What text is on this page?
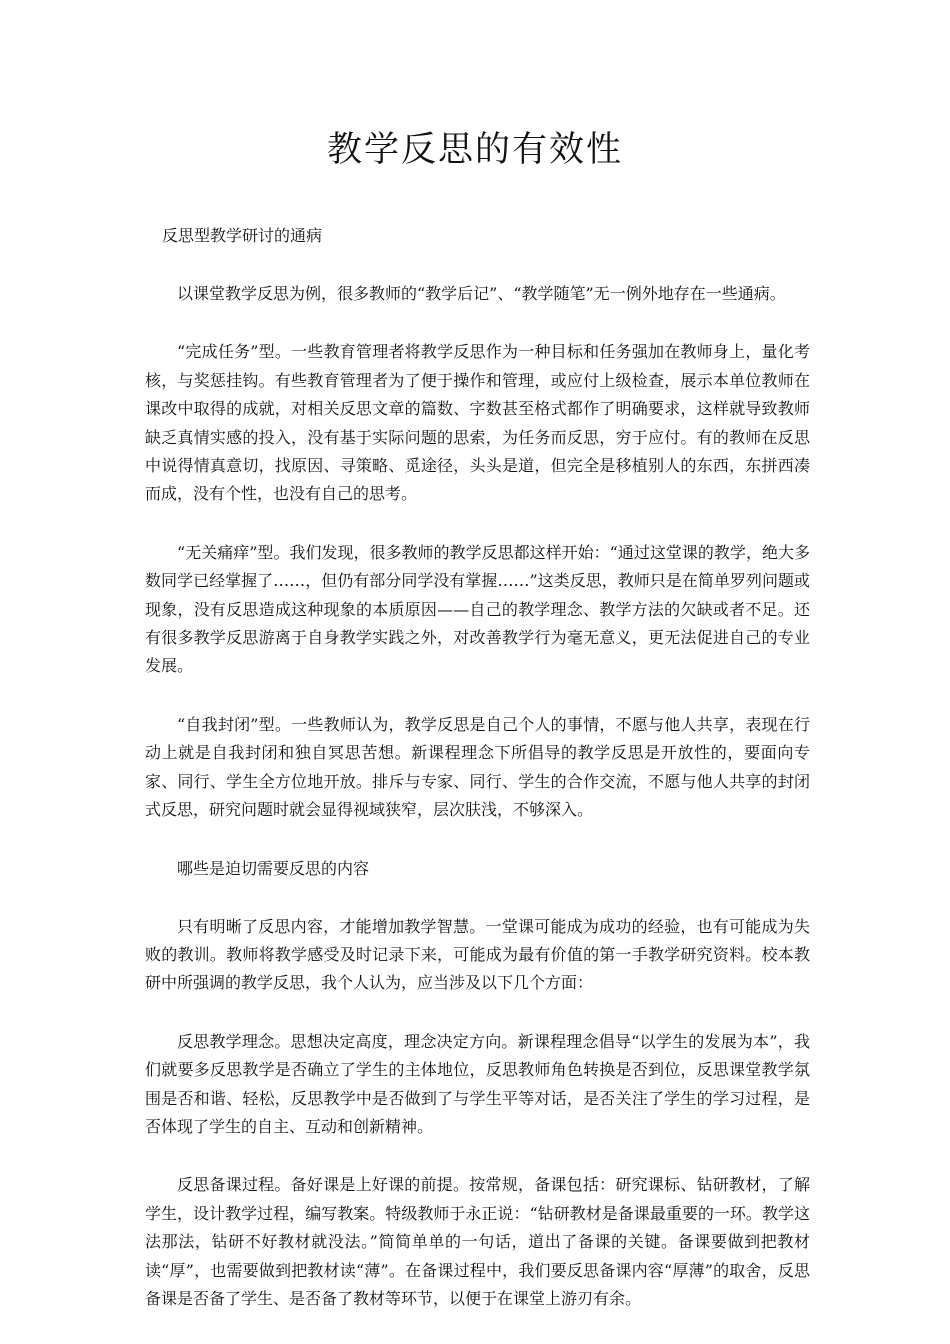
教学反思的有效性

反思型教学研讨的通病

以课堂教学反思为例，很多教师的“教学后记”、“教学随笔”无一例外地存在一些通病。

“完成任务”型。一些教育管理者将教学反思作为一种目标和任务强加在教师身上，量化考核，与奖惩挂钩。有些教育管理者为了便于操作和管理，或应付上级检查，展示本单位教师在课改中取得的成就，对相关反思文章的篇数、字数甚至格式都作了明确要求，这样就导致教师缺乏真情实感的投入，没有基于实际问题的思索，为任务而反思，穷于应付。有的教师在反思中说得情真意切，找原因、寻策略、觅途径，头头是道，但完全是移植别人的东西，东拼西凑而成，没有个性，也没有自己的思考。

“无关痛痒”型。我们发现，很多教师的教学反思都这样开始：“通过这堂课的教学，绝大多数同学已经掌握了……，但仍有部分同学没有掌握……”这类反思，教师只是在简单罗列问题或现象，没有反思造成这种现象的本质原因——自己的教学理念、教学方法的欠缺或者不足。还有很多教学反思游离于自身教学实践之外，对改善教学行为毫无意义，更无法促进自己的专业发展。

“自我封闭”型。一些教师认为，教学反思是自己个人的事情，不愿与他人共享，表现在行动上就是自我封闭和独自冥思苦想。新课程理念下所倡导的教学反思是开放性的，要面向专家、同行、学生全方位地开放。排斥与专家、同行、学生的合作交流，不愿与他人共享的封闭式反思，研究问题时就会显得视域狭窄，层次肤浅，不够深入。

哪些是迫切需要反思的内容

只有明晰了反思内容，才能增加教学智慧。一堂课可能成为成功的经验，也有可能成为失败的教训。教师将教学感受及时记录下来，可能成为最有价值的第一手教学研究资料。校本教研中所强调的教学反思，我个人认为，应当涉及以下几个方面：

反思教学理念。思想决定高度，理念决定方向。新课程理念倡导“以学生的发展为本”，我们就要多反思教学是否确立了学生的主体地位，反思教师角色转换是否到位，反思课堂教学氛围是否和谐、轻松，反思教学中是否做到了与学生平等对话，是否关注了学生的学习过程，是否体现了学生的自主、互动和创新精神。

反思备课过程。备好课是上好课的前提。按常规，备课包括：研究课标、钻研教材，了解学生，设计教学过程，编写教案。特级教师于永正说：“钻研教材是备课最重要的一环。教学这法那法，钻研不好教材就没法。”简简单单的一句话，道出了备课的关键。备课要做到把教材读“厚”，也需要做到把教材读“薄”。在备课过程中，我们要反思备课内容“厚薄”的取舍，反思备课是否备了学生、是否备了教材等环节，以便于在课堂上游刃有余。
